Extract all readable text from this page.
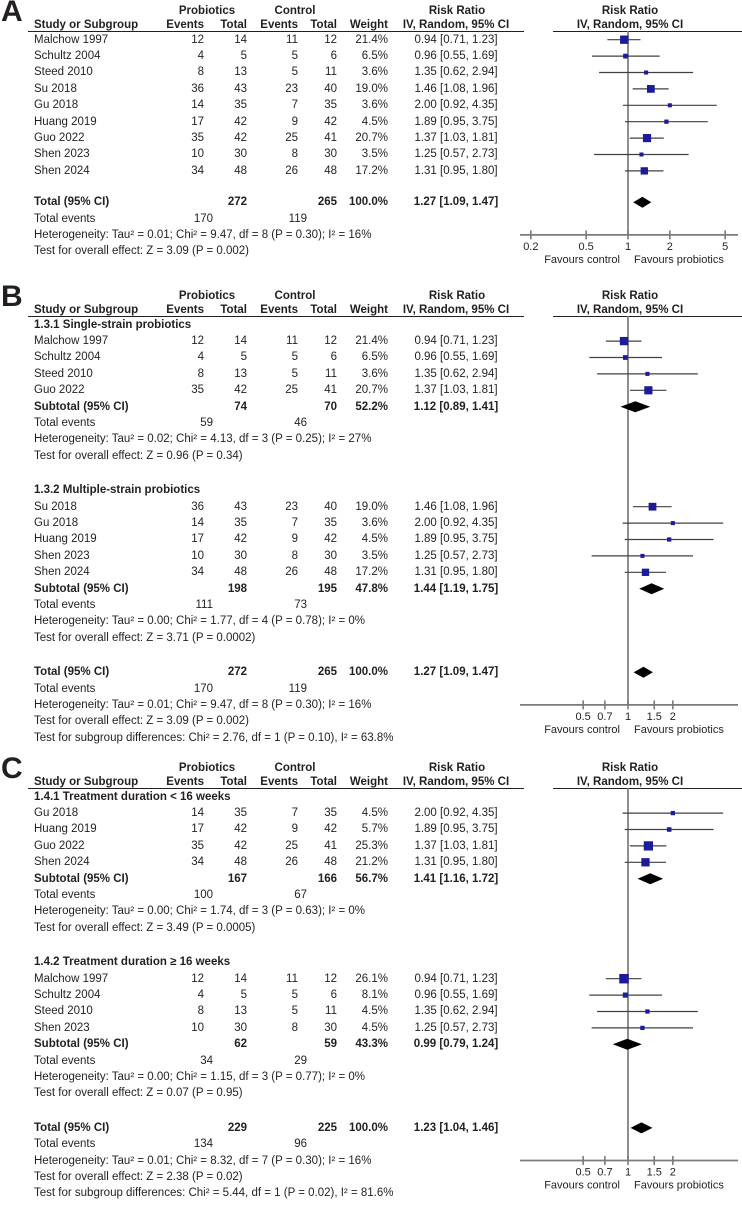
A	Probiotics	Control	Risk Ratio	Risk Ratio
Study or Subgroup	Events	Total	Events	Total	Weight	IV, Random, 95% CI	IV, Random, 95% CI
Malchow 1997	12	14	11	12	21.4%	0.94 [0.71, 1.23]
Schultz 2004	4	5	5	6	6.5%	0.96 [0.55, 1.69]
Steed 2010	8	13	5	11	3.6%	1.35 [0.62, 2.94]
Su 2018	36	43	23	40	19.0%	1.46 [1.08, 1.96]
Gu 2018	14	35	7	35	3.6%	2.00 [0.92, 4.35]
Huang 2019	17	42	9	42	4.5%	1.89 [0.95, 3.75]
Guo 2022	35	42	25	41	20.7%	1.37 [1.03, 1.81]
Shen 2023	10	30	8	30	3.5%	1.25 [0.57, 2.73]
Shen 2024	34	48	26	48	17.2%	1.31 [0.95, 1.80]
Total (95% CI)	272	265	100.0%	1.27 [1.09, 1.47]
Total events	170	119
Heterogeneity: Tau² = 0.01; Chi² = 9.47, df = 8 (P = 0.30); I² = 16%
Test for overall effect: Z = 3.09 (P = 0.002)	0.2	0.5	1	2	5
Favours control Favours probiotics
B	Probiotics	Control	Risk Ratio	Risk Ratio
Study or Subgroup	Events	Total	Events	Total	Weight	IV, Random, 95% CI	IV, Random, 95% CI
1.3.1 Single-strain probiotics
Malchow 1997	12	14	11	12	21.4%	0.94 [0.71, 1.23]
Schultz 2004	4	5	5	6	6.5%	0.96 [0.55, 1.69]
Steed 2010	8	13	5	11	3.6%	1.35 [0.62, 2.94]
Guo 2022	35	42	25	41	20.7%	1.37 [1.03, 1.81]
Subtotal (95% CI)	74	70	52.2%	1.12 [0.89, 1.41]
Total events	59	46
Heterogeneity: Tau² = 0.02; Chi² = 4.13, df = 3 (P = 0.25); I² = 27%
Test for overall effect: Z = 0.96 (P = 0.34)
1.3.2 Multiple-strain probiotics
Su 2018	36	43	23	40	19.0%	1.46 [1.08, 1.96]
Gu 2018	14	35	7	35	3.6%	2.00 [0.92, 4.35]
Huang 2019	17	42	9	42	4.5%	1.89 [0.95, 3.75]
Shen 2023	10	30	8	30	3.5%	1.25 [0.57, 2.73]
Shen 2024	34	48	26	48	17.2%	1.31 [0.95, 1.80]
Subtotal (95% CI)	198	195	47.8%	1.44 [1.19, 1.75]
Total events	111	73
Heterogeneity: Tau² = 0.00; Chi² = 1.77, df = 4 (P = 0.78); I² = 0%
Test for overall effect: Z = 3.71 (P = 0.0002)
Total (95% CI)	272	265	100.0%	1.27 [1.09, 1.47]
Total events	170	119
Heterogeneity: Tau² = 0.01; Chi² = 9.47, df = 8 (P = 0.30); I² = 16%
Test for overall effect: Z = 3.09 (P = 0.002)
Test for subgroup differences: Chi² = 2.76, df = 1 (P = 0.10), I² = 63.8%
0.5 0.7 1 1.5 2
Favours control Favours probiotics
C	Probiotics	Control	Risk Ratio	Risk Ratio
Study or Subgroup	Events	Total	Events	Total	Weight	IV, Random, 95% CI	IV, Random, 95% CI
1.4.1 Treatment duration < 16 weeks
Gu 2018	14	35	7	35	4.5%	2.00 [0.92, 4.35]
Huang 2019	17	42	9	42	5.7%	1.89 [0.95, 3.75]
Guo 2022	35	42	25	41	25.3%	1.37 [1.03, 1.81]
Shen 2024	34	48	26	48	21.2%	1.31 [0.95, 1.80]
Subtotal (95% CI)	167	166	56.7%	1.41 [1.16, 1.72]
Total events	100	67
Heterogeneity: Tau² = 0.00; Chi² = 1.74, df = 3 (P = 0.63); I² = 0%
Test for overall effect: Z = 3.49 (P = 0.0005)
1.4.2 Treatment duration ≥ 16 weeks
Malchow 1997	12	14	11	12	26.1%	0.94 [0.71, 1.23]
Schultz 2004	4	5	5	6	8.1%	0.96 [0.55, 1.69]
Steed 2010	8	13	5	11	4.5%	1.35 [0.62, 2.94]
Shen 2023	10	30	8	30	4.5%	1.25 [0.57, 2.73]
Subtotal (95% CI)	62	59	43.3%	0.99 [0.79, 1.24]
Total events	34	29
Heterogeneity: Tau² = 0.00; Chi² = 1.15, df = 3 (P = 0.77); I² = 0%
Test for overall effect: Z = 0.07 (P = 0.95)
Total (95% CI)	229	225	100.0%	1.23 [1.04, 1.46]
Total events	134	96
Heterogeneity: Tau² = 0.01; Chi² = 8.32, df = 7 (P = 0.30); I² = 16%
Test for overall effect: Z = 2.38 (P = 0.02)
Test for subgroup differences: Chi² = 5.44, df = 1 (P = 0.02), I² = 81.6%
0.5 0.7 1 1.5 2
Favours control Favours probiotics
